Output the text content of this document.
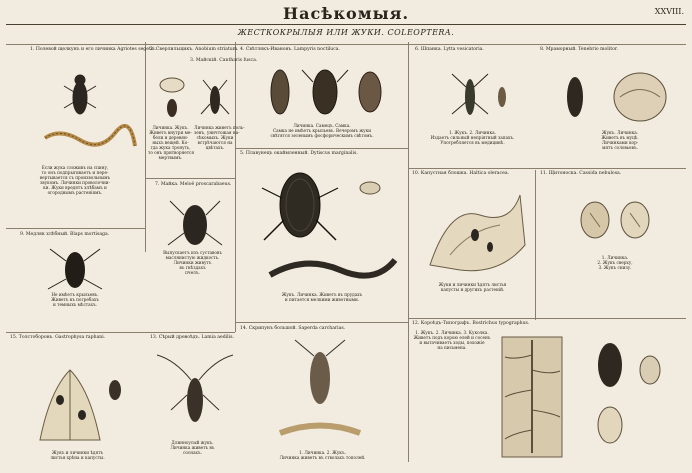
Насѣкомыя.	XXVIII.
ЖЕСТКОКРЫЛЫЯ ИЛИ ЖУКИ. COLEOPTERA.
1. Полевой щелкунъ и его личинка Agriotes segetis.
2. Сверлильщикъ. Anobium striatum.
3. Майскій. Cantharis fusca.
4. Свѣтлякъ-Ивановъ. Lampyris noctiluca.
5. Плавунецъ окаймленный. Dytiscus marginalis.
6. Шпанка. Lytta vesicatoria.
7. Майка. Meloë proscarabaeus.
8. Мраморный. Tenebrio molitor.
9. Медляк хлѣбный. Blaps mortisaga.
10. Капустная блошка. Haltica oleracea.	11. Щитоноска. Cassida nebulosa.
12. Короѣдъ-Типографъ. Bostrichus typographus.
13. Сѣрый древоѣдъ. Lamia aedilis.
14. Скрипунъ большой. Saperda carcharias.
15. Толстоборонь. Gastrophysa raphani.
Если жука сложивъ на спину,
то онъ подпрыгиваетъ и пере-
вертывается съ произвольнымъ
звукомъ. Личинки проволочни-
ки. Жуки вредятъ хлѣбамъ и
огороднымъ растеніямъ.
Личинка. Жукъ.
Живетъ внутри ме-
бели и деревян-
ныхъ вещей. Ко-
гда жука тронуть,
то онъ притворяется
мертвымъ.
Личинка живетъ поль-
зенъ, уничтожая на-
сѣкомыхъ. Жуки
встрѣчаются на
цвѣтахъ.
Личинка. Самецъ. Самка.
Самка не имѣетъ крыльевъ. Вечеромъ жуки
свѣтятся зеленымъ фосфорическимъ свѣтомъ.
Жукъ. Личинка. Живетъ въ прудахъ
и питается мелкими животными.
1. Жукъ. 2. Личинка.
Издаетъ сильный непріятный запахъ.
Употребляется въ медицинѣ.
Выпускаетъ изъ суставовъ
маслянистую жидкость.
Личинки живутъ
въ гнѣздахъ
пчелъ.
Жукъ. Личинка.
Живетъ въ муцѣ.
Личинками кор-
мятъ соловьевъ.
Не имѣетъ крыльевъ.
Живетъ въ погребахъ
и темныхъ мѣстахъ.
Жуки и личинки ѣдятъ листья
капусты и другихъ растеній.
1. Личинка.
2. Жукъ сверху,
3. Жукъ снизу.
1. Жукъ. 2. Личинка. 3. Куколка.
Живетъ подъ корою елей и сосенъ
и вытачиваетъ ходы, похожіе
на письмена.
Длинноусый жукъ.
Личинка живетъ въ
соснахъ.	1. Личинка. 2. Жукъ.
Личинка живетъ въ стволахъ тополей.
Жукъ и личинки ѣдятъ
листья хрѣна и капусты.
